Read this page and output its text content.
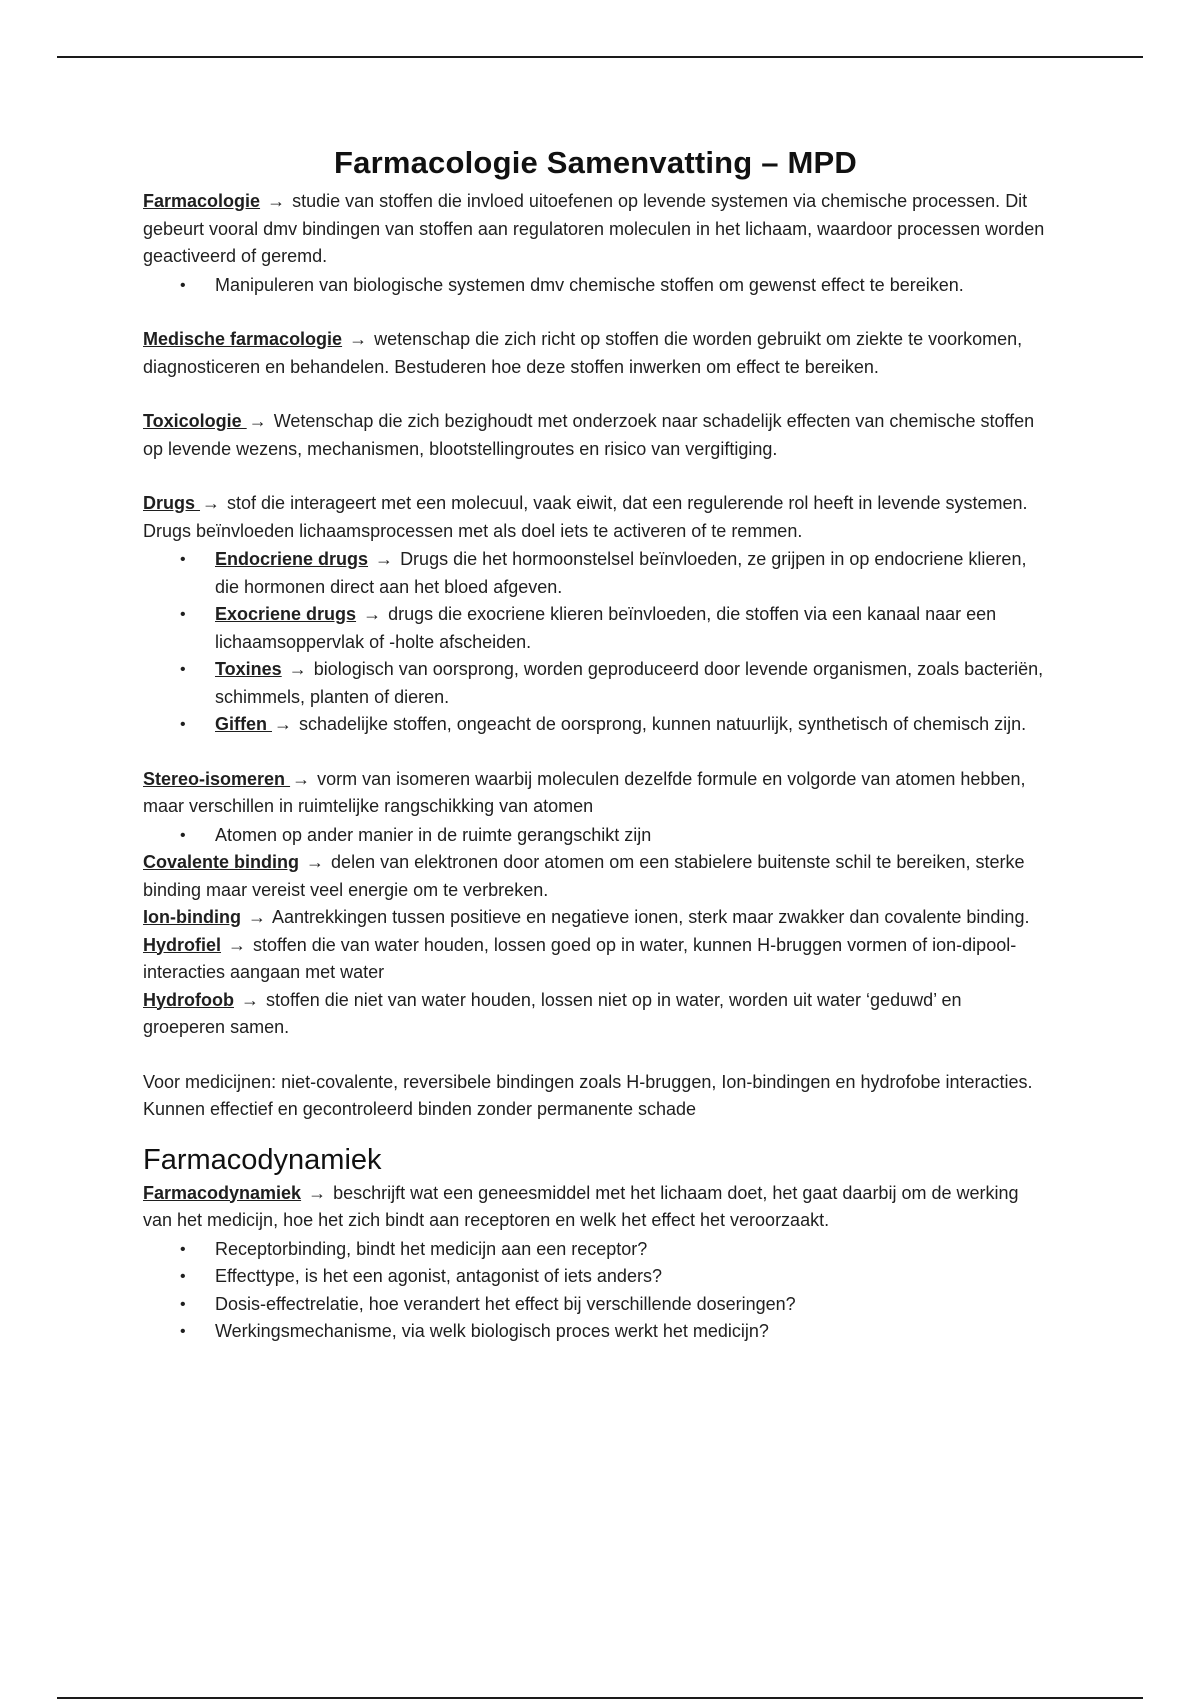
Farmacologie Samenvatting – MPD

Farmacologie → studie van stoffen die invloed uitoefenen op levende systemen via chemische processen. Dit gebeurt vooral dmv bindingen van stoffen aan regulatoren moleculen in het lichaam, waardoor processen worden geactiveerd of geremd.

• Manipuleren van biologische systemen dmv chemische stoffen om gewenst effect te bereiken.

Medische farmacologie → wetenschap die zich richt op stoffen die worden gebruikt om ziekte te voorkomen, diagnosticeren en behandelen. Bestuderen hoe deze stoffen inwerken om effect te bereiken.

Toxicologie → Wetenschap die zich bezighoudt met onderzoek naar schadelijk effecten van chemische stoffen op levende wezens, mechanismen, blootstellingroutes en risico van vergiftiging.

Drugs → stof die interageert met een molecuul, vaak eiwit, dat een regulerende rol heeft in levende systemen. Drugs beïnvloeden lichaamsprocessen met als doel iets te activeren of te remmen.

• Endocriene drugs → Drugs die het hormoonstelsel beïnvloeden, ze grijpen in op endocriene klieren, die hormonen direct aan het bloed afgeven.
• Exocriene drugs → drugs die exocriene klieren beïnvloeden, die stoffen via een kanaal naar een lichaamsoppervlak of -holte afscheiden.
• Toxines → biologisch van oorsprong, worden geproduceerd door levende organismen, zoals bacteriën, schimmels, planten of dieren.
• Giffen → schadelijke stoffen, ongeacht de oorsprong, kunnen natuurlijk, synthetisch of chemisch zijn.

Stereo-isomeren → vorm van isomeren waarbij moleculen dezelfde formule en volgorde van atomen hebben, maar verschillen in ruimtelijke rangschikking van atomen

• Atomen op ander manier in de ruimte gerangschikt zijn

Covalente binding → delen van elektronen door atomen om een stabielere buitenste schil te bereiken, sterke binding maar vereist veel energie om te verbreken.

Ion-binding → Aantrekkingen tussen positieve en negatieve ionen, sterk maar zwakker dan covalente binding.

Hydrofiel → stoffen die van water houden, lossen goed op in water, kunnen H-bruggen vormen of ion-dipool-interacties aangaan met water

Hydrofoob → stoffen die niet van water houden, lossen niet op in water, worden uit water ‘geduwd’ en groeperen samen.

Voor medicijnen: niet-covalente, reversibele bindingen zoals H-bruggen, Ion-bindingen en hydrofobe interacties. Kunnen effectief en gecontroleerd binden zonder permanente schade

Farmacodynamiek

Farmacodynamiek → beschrijft wat een geneesmiddel met het lichaam doet, het gaat daarbij om de werking van het medicijn, hoe het zich bindt aan receptoren en welk het effect het veroorzaakt.

• Receptorbinding, bindt het medicijn aan een receptor?
• Effecttype, is het een agonist, antagonist of iets anders?
• Dosis-effectrelatie, hoe verandert het effect bij verschillende doseringen?
• Werkingsmechanisme, via welk biologisch proces werkt het medicijn?
